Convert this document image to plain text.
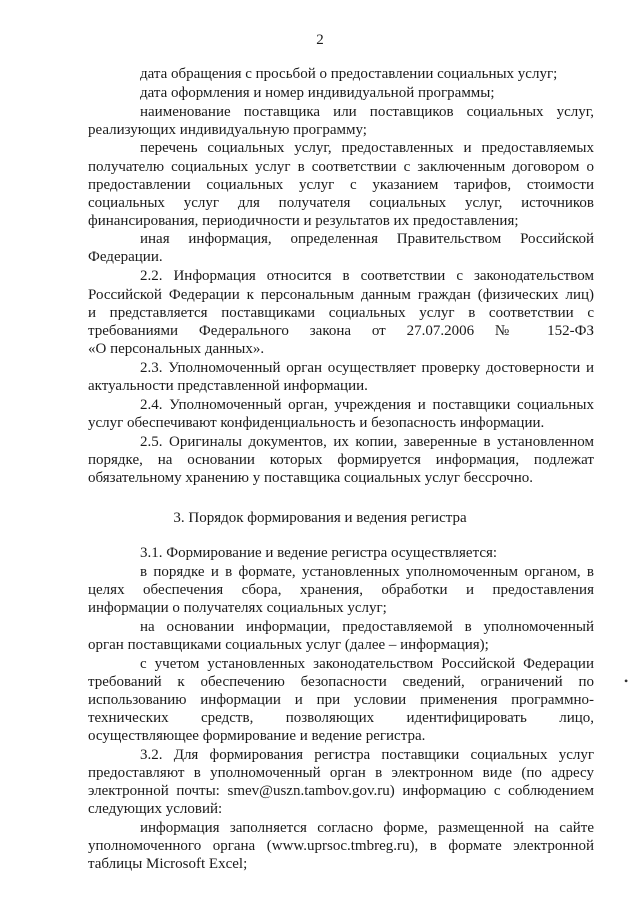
2
дата обращения с просьбой о предоставлении социальных услуг;
дата оформления и номер индивидуальной программы;
наименование поставщика или поставщиков социальных услуг,
реализующих индивидуальную программу;
перечень социальных услуг, предоставленных и предоставляемых
получателю социальных услуг в соответствии с заключенным договором о
предоставлении социальных услуг с указанием тарифов, стоимости
социальных услуг для получателя социальных услуг, источников
финансирования, периодичности и результатов их предоставления;
иная информация, определенная Правительством Российской
Федерации.
2.2. Информация относится в соответствии с законодательством
Российской Федерации к персональным данным граждан (физических лиц)
и представляется поставщиками социальных услуг в соответствии с
требованиями Федерального закона от 27.07.2006 № 152-ФЗ
«О персональных данных».
2.3. Уполномоченный орган осуществляет проверку достоверности и
актуальности представленной информации.
2.4. Уполномоченный орган, учреждения и поставщики социальных
услуг обеспечивают конфиденциальность и безопасность информации.
2.5. Оригиналы документов, их копии, заверенные в установленном
порядке, на основании которых формируется информация, подлежат
обязательному хранению у поставщика социальных услуг бессрочно.
3. Порядок формирования и ведения регистра
3.1. Формирование и ведение регистра осуществляется:
в порядке и в формате, установленных уполномоченным органом, в
целях обеспечения сбора, хранения, обработки и предоставления
информации о получателях социальных услуг;
на основании информации, предоставляемой в уполномоченный
орган поставщиками социальных услуг (далее – информация);
с учетом установленных законодательством Российской Федерации
требований к обеспечению безопасности сведений, ограничений по
использованию информации и при условии применения программно-
технических средств, позволяющих идентифицировать лицо,
осуществляющее формирование и ведение регистра.
3.2. Для формирования регистра поставщики социальных услуг
предоставляют в уполномоченный орган в электронном виде (по адресу
электронной почты: smev@uszn.tambov.gov.ru) информацию с соблюдением
следующих условий:
информация заполняется согласно форме, размещенной на сайте
уполномоченного органа (www.uprsoc.tmbreg.ru), в формате электронной
таблицы Microsoft Excel;
•
